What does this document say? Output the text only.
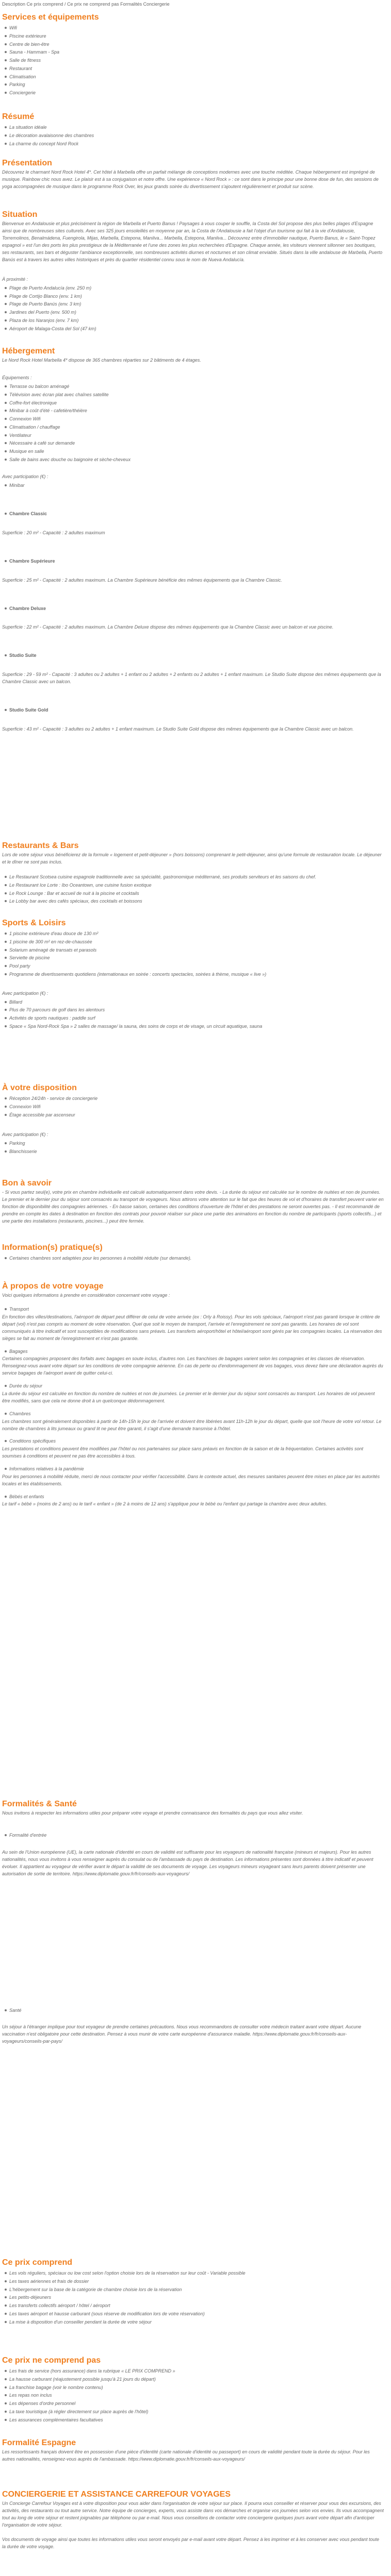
Description Ce prix comprend / Ce prix ne comprend pas Formalités Conciergerie
Services et équipements
Wifi
Piscine extérieure
Centre de bien-être
Sauna - Hammam - Spa
Salle de fitness
Restaurant
Climatisation
Parking
Conciergerie
Résumé
La situation idéale
Le décoration avalaisonne des chambres
La charme du concept Nord Rock
Présentation

Découvrez le charmant Nord Rock Hotel 4*. Cet hôtel à Marbella offre un parfait mélange de conceptions modernes avec une touche méditée. Chaque hébergement est imprégné de musique. Rainbow chic nous avez. Le plaisir est à sa conjugaison et notre offre. Une expérience « Nord Rock » : ce sont dans le principe pour une bonne dose de fun, des sessions de yoga accompagnées de musique dans le programme Rock Over, les jeux grands soirée du divertissement s'ajoutent régulièrement et produit sur scène.

Situation

Bienvenue en Andalousie et plus précisément la région de Marbella et Puerto Banus ! Paysages à vous couper le souffle, la Costa del Sol propose des plus belles plages d'Espagne ainsi que de nombreuses sites culturels. Avec ses 325 jours ensoleillés en moyenne par an, la Costa de l'Andalousie a fait l'objet d'un tourisme qui fait à la vie d'Andalousie, Torremolinos, Benalmádena, Fuengirola, Mijas, Marbella, Estepona, Manilva... Marbella, Estepona, Manilva... Découvrez entre d'immobilier nautique, Puerto Banus, le « Saint-Tropez espagnol » est l'un des ports les plus prestigieux de la Méditerranée et l'une des zones les plus recherchées d'Espagne. Chaque année, les visiteurs viennent sillonner ses boutiques, ses restaurants, ses bars et déguster l'ambiance exceptionnelle, ses nombreuses activités diurnes et nocturnes et son climat enviable. Situés dans la ville andalouse de Marbella, Puerto Banús est à travers les autres villes historiques et près du quartier résidentiel connu sous le nom de Nueva Andalucía.

À proximité :

Plage de Puerto Andalucía (env. 250 m)
Plage de Cortijo Blanco (env. 1 km)
Plage de Puerto Banús (env. 3 km)
Jardines del Puerto (env. 500 m)
Plaza de los Naranjos (env. 7 km)
Aéroport de Malaga-Costa del Sol (47 km)
Hébergement

Le Nord Rock Hotel Marbella 4* dispose de 365 chambres réparties sur 2 bâtiments de 4 étages.

Équipements :

Terrasse ou balcon aménagé
Télévision avec écran plat avec chaînes satellite
Coffre-fort électronique
Minibar à coût d'été - cafetière/théière
Connexion Wifi
Climatisation / chauffage
Ventilateur
Nécessaire à café sur demande
Musique en salle
Salle de bains avec douche ou baignoire et sèche-cheveux

Avec participation (€) :

Minibar
Chambre Classic

Superficie : 20 m² - Capacité : 2 adultes maximum

Chambre Supérieure

Superficie : 25 m² - Capacité : 2 adultes maximum. La Chambre Supérieure bénéficie des mêmes équipements que la Chambre Classic.

Chambre Deluxe

Superficie : 22 m² - Capacité : 2 adultes maximum. La Chambre Deluxe dispose des mêmes équipements que la Chambre Classic avec un balcon et vue piscine.

Studio Suite

Superficie : 29 - 59 m² - Capacité : 3 adultes ou 2 adultes + 1 enfant ou 2 adultes + 2 enfants ou 2 adultes + 1 enfant maximum. Le Studio Suite dispose des mêmes équipements que la Chambre Classic avec un balcon.

Studio Suite Gold

Superficie : 43 m² - Capacité : 3 adultes ou 2 adultes + 1 enfant maximum. Le Studio Suite Gold dispose des mêmes équipements que la Chambre Classic avec un balcon.

Restaurants & Bars

Lors de votre séjour vous bénéficierez de la formule « logement et petit-déjeuner » (hors boissons) comprenant le petit-déjeuner, ainsi qu'une formule de restauration locale. Le déjeuner et le dîner ne sont pas inclus.

Le Restaurant Scotsea cuisine espagnole traditionnelle avec sa spécialité, gastronomique méditerrané, ses produits serviteurs et les saisons du chef.
Le Restaurant Ice Lorte : Ibo Oceantown, une cuisine fusion exotique
Le Rock Lounge : Bar et accueil de nuit à la piscine et cocktails
Le Lobby bar avec des cafés spéciaux, des cocktails et boissons
Sports & Loisirs
1 piscine extérieure d'eau douce de 130 m²
1 piscine de 300 m² en rez-de-chaussée
Solarium aménagé de transats et parasols
Serviette de piscine
Pool party
Programme de divertissements quotidiens (internationaux en soirée : concerts spectacles, soirées à thème, musique « live »)

Avec participation (€) :

Billard
Plus de 70 parcours de golf dans les alentours
Activités de sports nautiques : paddle surf
Space « Spa Nord-Rock Spa » 2 salles de massage/ la sauna, des soins de corps et de visage, un circuit aquatique, sauna
À votre disposition
Réception 24/24h - service de conciergerie
Connexion Wifi
Étage accessible par ascenseur

Avec participation (€) :

Parking
Blanchisserie
Bon à savoir

- Si vous partez seul(e), votre prix en chambre individuelle est calculé automatiquement dans votre devis. - La durée du séjour est calculée sur le nombre de nuitées et non de journées. Le premier et le dernier jour du séjour sont consacrés au transport de voyageurs. Nous attirons votre attention sur le fait que des heures de vol et d'horaires de transfert peuvent varier en fonction de disponibilité des compagnies aériennes. - En basse saison, certaines des conditions d'ouverture de l'hôtel et des prestations ne seront ouvertes pas. - Il est recommandé de prendre en compte les dates à destination en fonction des contrats pour pouvoir réaliser sur place une partie des animations en fonction du nombre de participants (sports collectifs...) et une partie des installations (restaurants, piscines...) peut être fermée.

Information(s) pratique(s)
Certaines chambres sont adaptées pour les personnes à mobilité réduite (sur demande).
À propos de votre voyage

Voici quelques informations à prendre en considération concernant votre voyage :

Transport

En fonction des villes/destinations, l'aéroport de départ peut différer de celui de votre arrivée (ex : Orly à Roissy). Pour les vols spéciaux, l'aéroport n'est pas garanti lorsque le critère de départ (vol) n'est pas compris au moment de votre réservation. Quel que soit le moyen de transport, l'arrivée et l'enregistrement ne sont pas garantis. Les horaires de vol sont communiqués à titre indicatif et sont susceptibles de modifications sans préavis. Les transferts aéroport/hôtel et hôtel/aéroport sont gérés par les compagnies locales. La réservation des sièges se fait au moment de l'enregistrement et n'est pas garantie.

Bagages

Certaines compagnies proposent des forfaits avec bagages en soute inclus, d'autres non. Les franchises de bagages varient selon les compagnies et les classes de réservation. Renseignez-vous avant votre départ sur les conditions de votre compagnie aérienne. En cas de perte ou d'endommagement de vos bagages, vous devez faire une déclaration auprès du service bagages de l'aéroport avant de quitter celui-ci.

Durée du séjour

La durée du séjour est calculée en fonction du nombre de nuitées et non de journées. Le premier et le dernier jour du séjour sont consacrés au transport. Les horaires de vol peuvent être modifiés, sans que cela ne donne droit à un quelconque dédommagement.

Chambres

Les chambres sont généralement disponibles à partir de 14h-15h le jour de l'arrivée et doivent être libérées avant 11h-12h le jour du départ, quelle que soit l'heure de votre vol retour. Le nombre de chambres à lits jumeaux ou grand lit ne peut être garanti, il s'agit d'une demande transmise à l'hôtel.

Conditions spécifiques

Les prestations et conditions peuvent être modifiées par l'hôtel ou nos partenaires sur place sans préavis en fonction de la saison et de la fréquentation. Certaines activités sont soumises à conditions et peuvent ne pas être accessibles à tous.

Informations relatives à la pandémie

Pour les personnes à mobilité réduite, merci de nous contacter pour vérifier l'accessibilité. Dans le contexte actuel, des mesures sanitaires peuvent être mises en place par les autorités locales et les établissements.

Bébés et enfants

Le tarif « bébé » (moins de 2 ans) ou le tarif « enfant » (de 2 à moins de 12 ans) s'applique pour le bébé ou l'enfant qui partage la chambre avec deux adultes.

Formalités & Santé

Nous invitons à respecter les informations utiles pour préparer votre voyage et prendre connaissance des formalités du pays que vous allez visiter.

Formalité d'entrée

Au sein de l'Union européenne (UE), la carte nationale d'identité en cours de validité est suffisante pour les voyageurs de nationalité française (mineurs et majeurs). Pour les autres nationalités, nous vous invitons à vous renseigner auprès du consulat ou de l'ambassade du pays de destination. Les informations présentes sont données à titre indicatif et peuvent évoluer. Il appartient au voyageur de vérifier avant le départ la validité de ses documents de voyage. Les voyageurs mineurs voyageant sans leurs parents doivent présenter une autorisation de sortie de territoire. https://www.diplomatie.gouv.fr/fr/conseils-aux-voyageurs/

Santé

Un séjour à l'étranger implique pour tout voyageur de prendre certaines précautions. Nous vous recommandons de consulter votre médecin traitant avant votre départ. Aucune vaccination n'est obligatoire pour cette destination. Pensez à vous munir de votre carte européenne d'assurance maladie. https://www.diplomatie.gouv.fr/fr/conseils-aux-voyageurs/conseils-par-pays/

Ce prix comprend
Les vols réguliers, spéciaux ou low cost selon l'option choisie lors de la réservation sur leur coût - Variable possible
Les taxes aériennes et frais de dossier
L'hébergement sur la base de la catégorie de chambre choisie lors de la réservation
Les petits-déjeuners
Les transferts collectifs aéroport / hôtel / aéroport
Les taxes aéroport et hausse carburant (sous réserve de modification lors de votre réservation)
La mise à disposition d'un conseiller pendant la durée de votre séjour
Ce prix ne comprend pas
Les frais de service (hors assurance) dans la rubrique « LE PRIX COMPREND »
La hausse carburant (réajustement possible jusqu'à 21 jours du départ)
La franchise bagage (voir le nombre contenu)
Les repas non inclus
Les dépenses d'ordre personnel
La taxe touristique (à régler directement sur place auprès de l'hôtel)
Les assurances complémentaires facultatives
Formalité Espagne

Les ressortissants français doivent être en possession d'une pièce d'identité (carte nationale d'identité ou passeport) en cours de validité pendant toute la durée du séjour. Pour les autres nationalités, renseignez-vous auprès de l'ambassade. https://www.diplomatie.gouv.fr/fr/conseils-aux-voyageurs/

CONCIERGERIE ET ASSISTANCE CARREFOUR VOYAGES

Un Concierge Carrefour Voyages est à votre disposition pour vous aider dans l'organisation de votre séjour sur place. Il pourra vous conseiller et réserver pour vous des excursions, des activités, des restaurants ou tout autre service. Notre équipe de concierges, experts, vous assiste dans vos démarches et organise vos journées selon vos envies. Ils vous accompagnent tout au long de votre séjour et restent joignables par téléphone ou par e-mail. Nous vous conseillons de contacter votre conciergerie quelques jours avant votre départ afin d'anticiper l'organisation de votre séjour.

Vos documents de voyage ainsi que toutes les informations utiles vous seront envoyés par e-mail avant votre départ. Pensez à les imprimer et à les conserver avec vous pendant toute la durée de votre voyage.
